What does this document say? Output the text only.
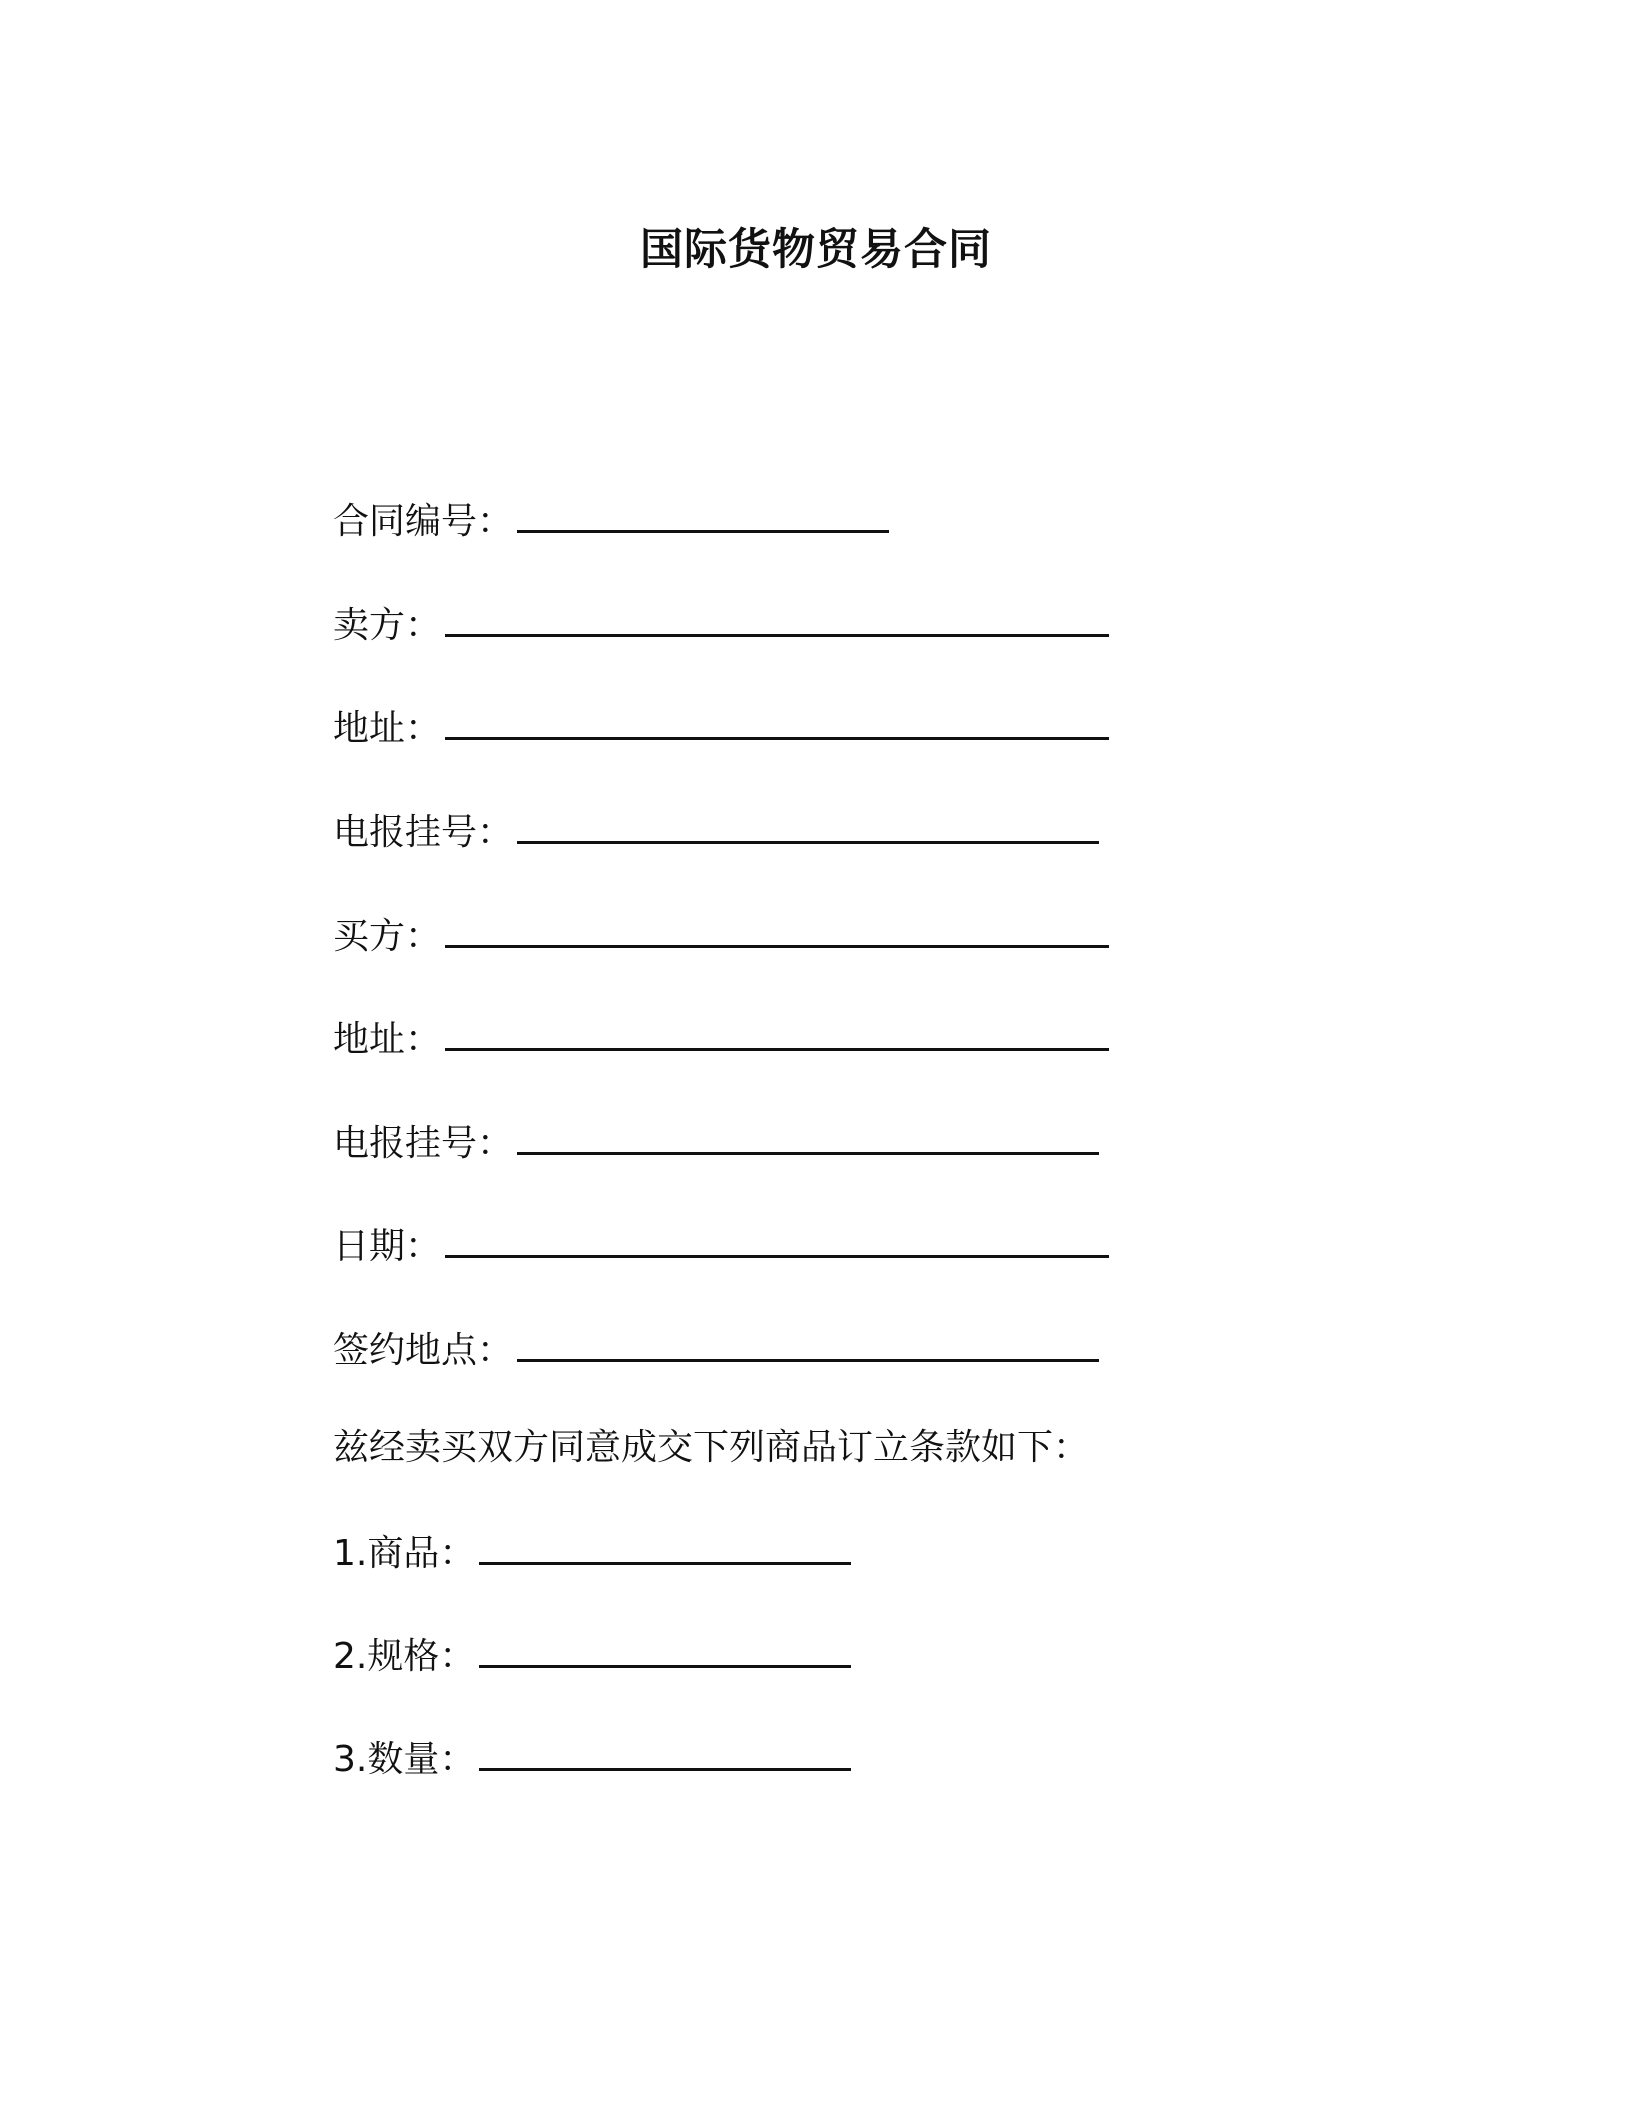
国际货物贸易合同
合同编号：
卖方：
地址：
电报挂号：
买方：
地址：
电报挂号：
日期：
签约地点：
兹经卖买双方同意成交下列商品订立条款如下：
1.商品：
2.规格：
3.数量：
